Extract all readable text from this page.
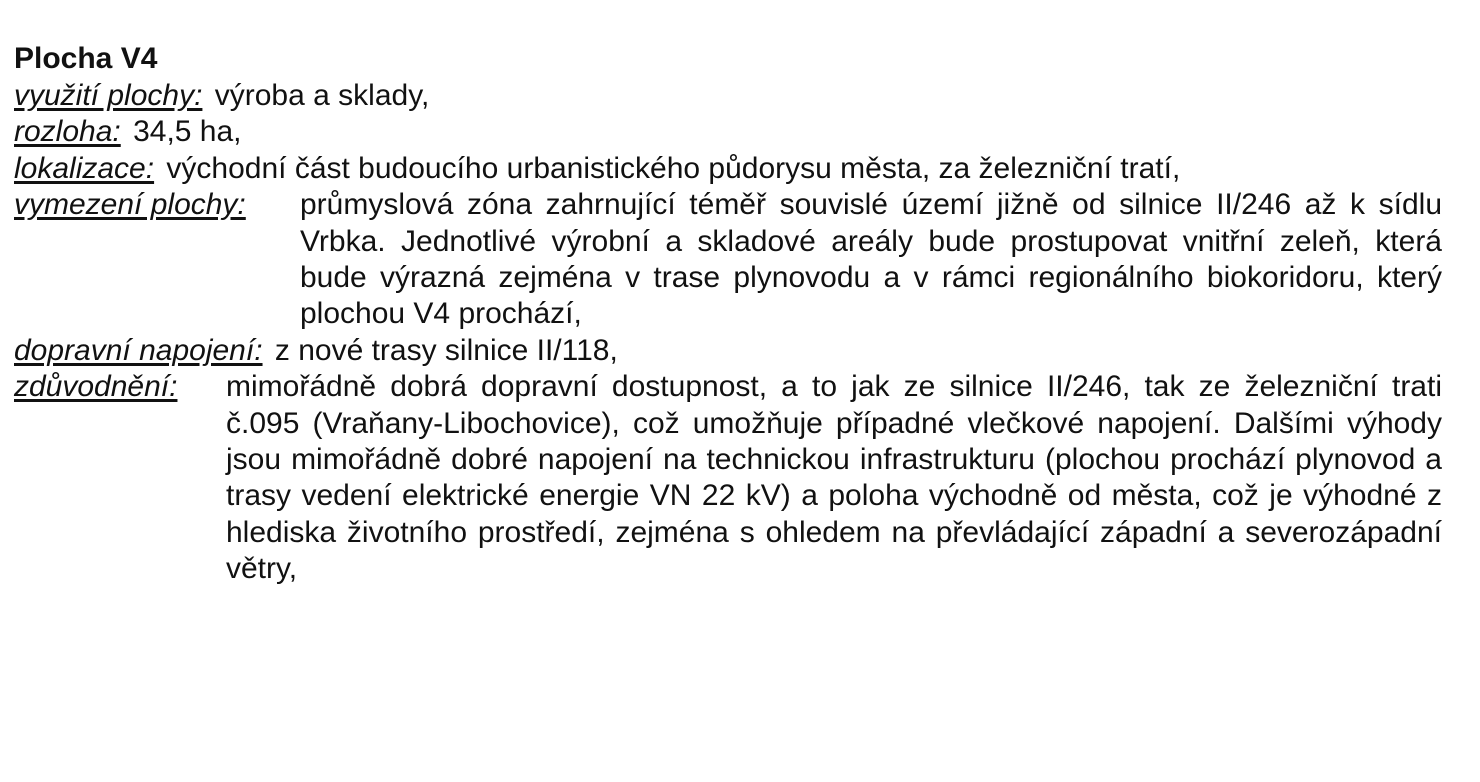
Plocha V4
využití plochy: výroba a sklady,
rozloha: 34,5 ha,
lokalizace: východní část budoucího urbanistického půdorysu města, za železniční tratí,
vymezení plochy:	průmyslová zóna zahrnující téměř souvislé území jižně od silnice II/246 až k sídlu Vrbka. Jednotlivé výrobní a skladové areály bude prostupovat vnitřní zeleň, která bude výrazná zejména v trase plynovodu a v rámci regionálního biokoridoru, který plochou V4 prochází,
dopravní napojení: z nové trasy silnice II/118,
zdůvodnění:	mimořádně dobrá dopravní dostupnost, a to jak ze silnice II/246, tak ze železniční trati č.095 (Vraňany-Libochovice), což umožňuje případné vlečkové napojení. Dalšími výhody jsou mimořádně dobré napojení na technickou infrastrukturu (plochou prochází plynovod a trasy vedení elektrické energie VN 22 kV) a poloha východně od města, což je výhodné z hlediska životního prostředí, zejména s ohledem na převládající západní a severozápadní větry,
